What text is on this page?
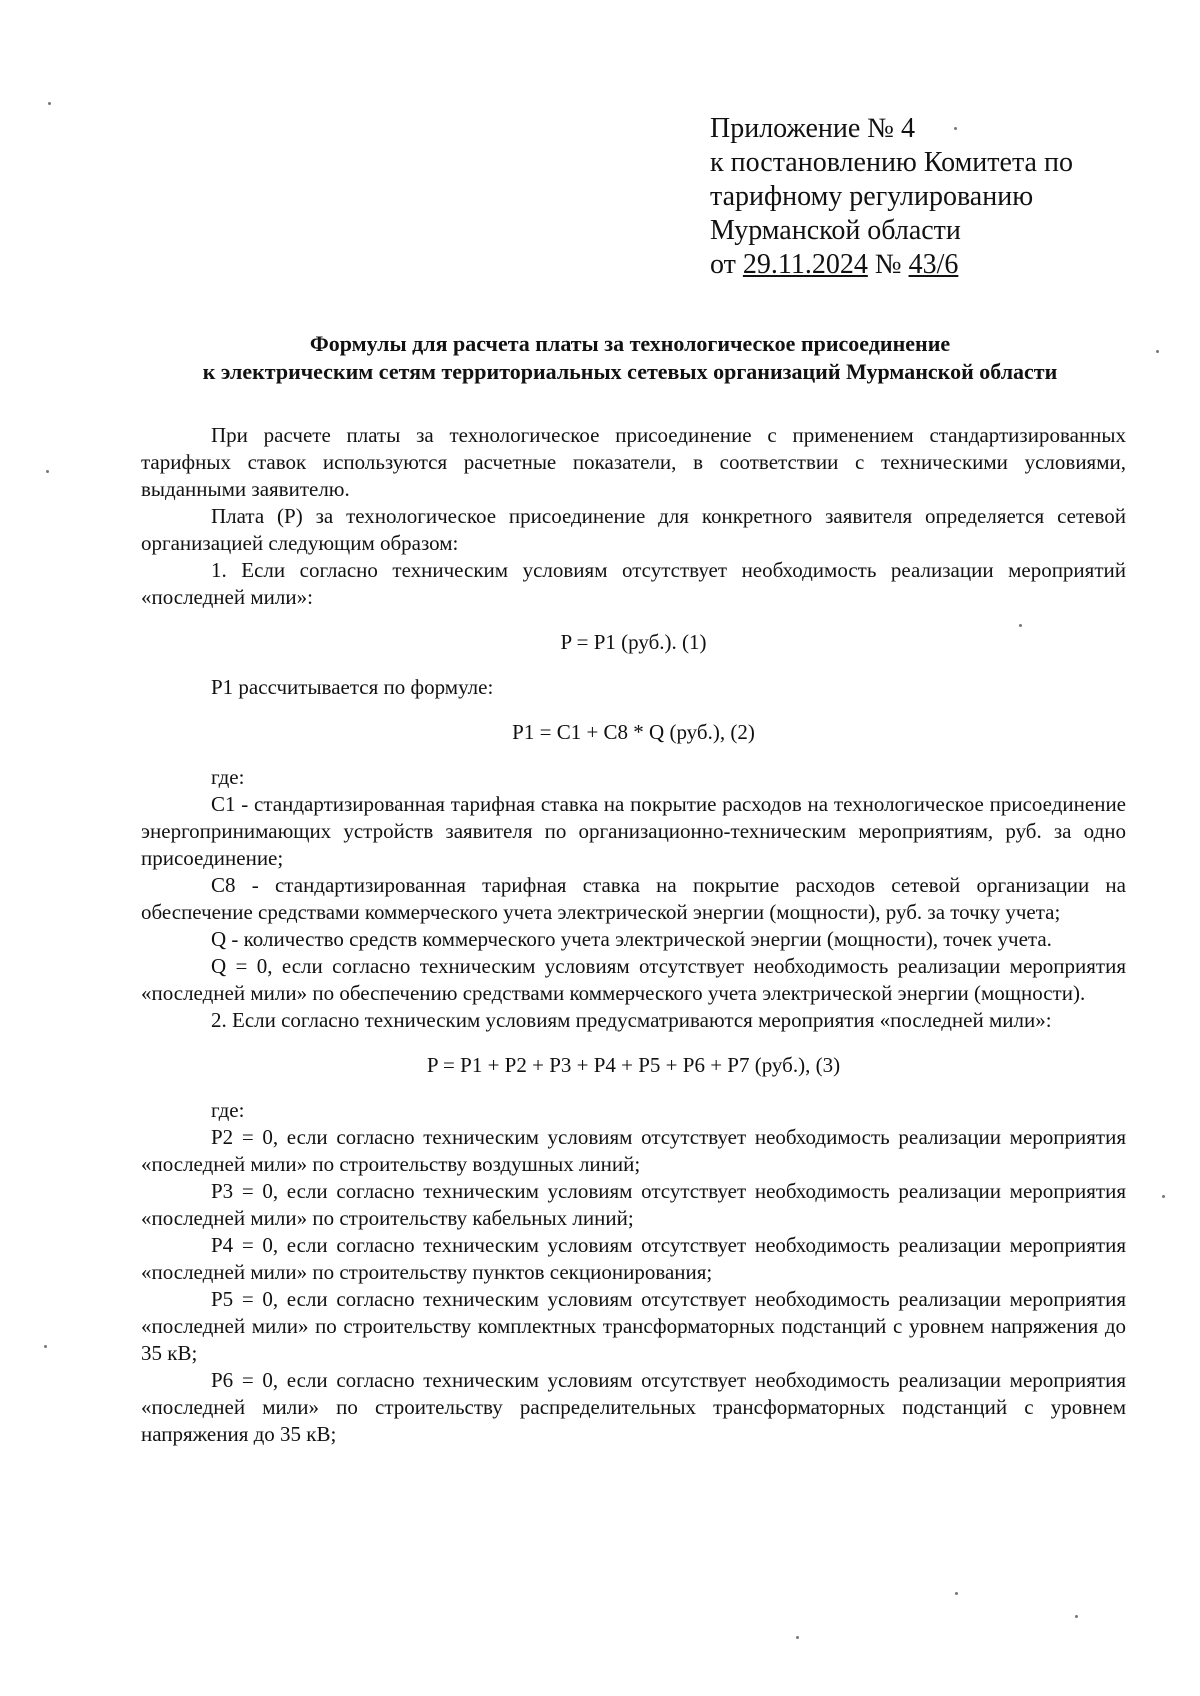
Приложение № 4
к постановлению Комитета по
тарифному регулированию
Мурманской области
от 29.11.2024 № 43/6
Формулы для расчета платы за технологическое присоединение
к электрическим сетям территориальных сетевых организаций Мурманской области

При расчете платы за технологическое присоединение с применением стандартизированных тарифных ставок используются расчетные показатели, в соответствии с техническими условиями, выданными заявителю.

Плата (P) за технологическое присоединение для конкретного заявителя определяется сетевой организацией следующим образом:

1. Если согласно техническим условиям отсутствует необходимость реализации мероприятий «последней мили»:

P = P1 (руб.). (1)

P1 рассчитывается по формуле:

P1 = C1 + C8 * Q (руб.), (2)

где:

C1 - стандартизированная тарифная ставка на покрытие расходов на технологическое присоединение энергопринимающих устройств заявителя по организационно-техническим мероприятиям, руб. за одно присоединение;

C8 - стандартизированная тарифная ставка на покрытие расходов сетевой организации на обеспечение средствами коммерческого учета электрической энергии (мощности), руб. за точку учета;

Q - количество средств коммерческого учета электрической энергии (мощности), точек учета.

Q = 0, если согласно техническим условиям отсутствует необходимость реализации мероприятия «последней мили» по обеспечению средствами коммерческого учета электрической энергии (мощности).

2. Если согласно техническим условиям предусматриваются мероприятия «последней мили»:

P = P1 + P2 + P3 + P4 + P5 + P6 + P7 (руб.), (3)

где:

P2 = 0, если согласно техническим условиям отсутствует необходимость реализации мероприятия «последней мили» по строительству воздушных линий;

P3 = 0, если согласно техническим условиям отсутствует необходимость реализации мероприятия «последней мили» по строительству кабельных линий;

P4 = 0, если согласно техническим условиям отсутствует необходимость реализации мероприятия «последней мили» по строительству пунктов секционирования;

P5 = 0, если согласно техническим условиям отсутствует необходимость реализации мероприятия «последней мили» по строительству комплектных трансформаторных подстанций с уровнем напряжения до 35 кВ;

P6 = 0, если согласно техническим условиям отсутствует необходимость реализации мероприятия «последней мили» по строительству распределительных трансформаторных подстанций с уровнем напряжения до 35 кВ;
